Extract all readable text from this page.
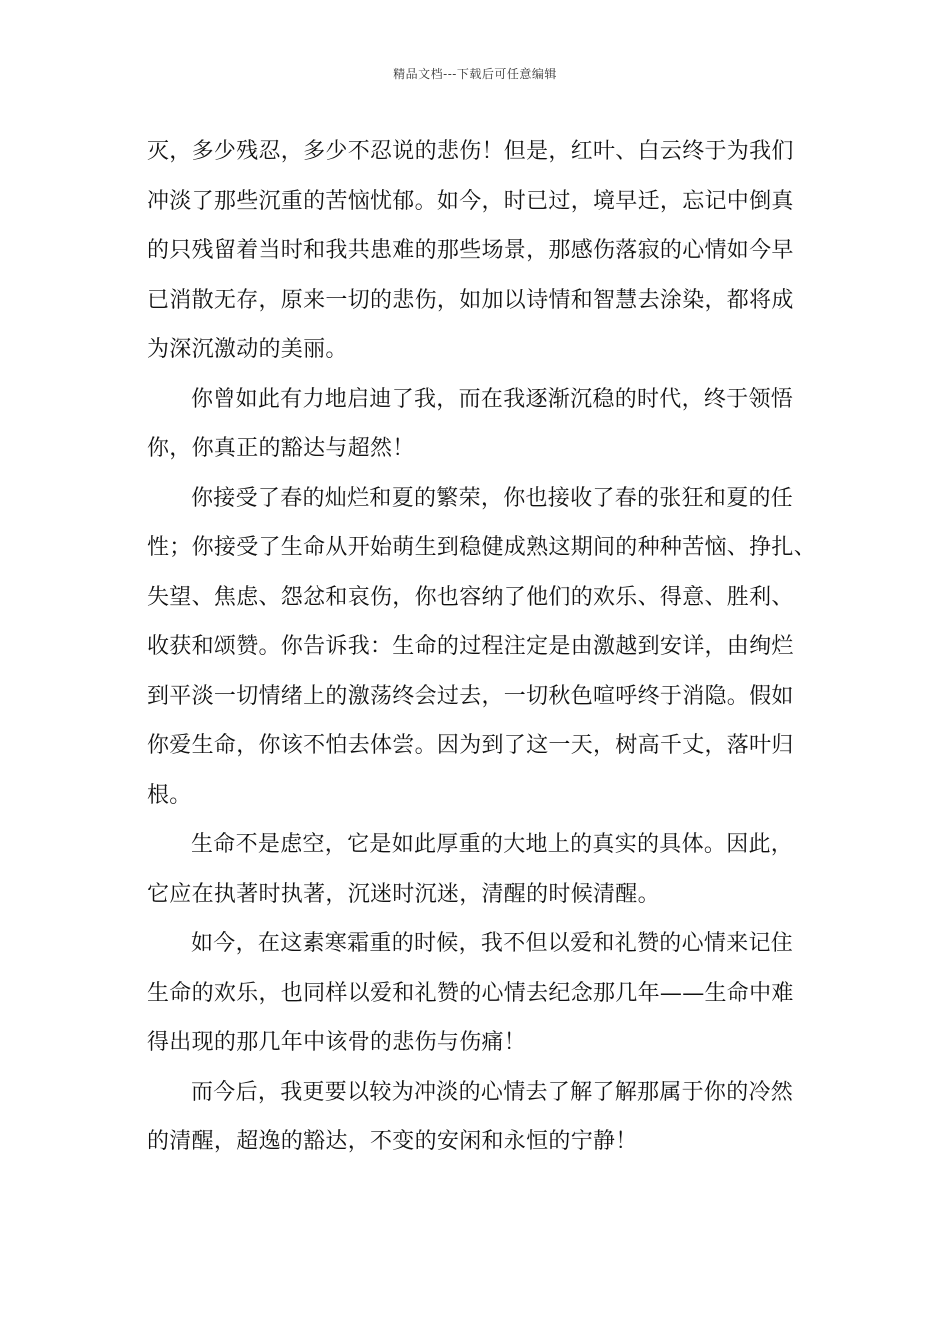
精品文档---下载后可任意编辑
灭，多少残忍，多少不忍说的悲伤！但是，红叶、白云终于为我们
冲淡了那些沉重的苦恼忧郁。如今，时已过，境早迁，忘记中倒真
的只残留着当时和我共患难的那些场景，那感伤落寂的心情如今早
已消散无存，原来一切的悲伤，如加以诗情和智慧去涂染，都将成
为深沉激动的美丽。
你曾如此有力地启迪了我，而在我逐渐沉稳的时代，终于领悟
你，你真正的豁达与超然！
你接受了春的灿烂和夏的繁荣，你也接收了春的张狂和夏的任
性；你接受了生命从开始萌生到稳健成熟这期间的种种苦恼、挣扎、
失望、焦虑、怨忿和哀伤，你也容纳了他们的欢乐、得意、胜利、
收获和颂赞。你告诉我：生命的过程注定是由激越到安详，由绚烂
到平淡一切情绪上的激荡终会过去，一切秋色喧呼终于消隐。假如
你爱生命，你该不怕去体尝。因为到了这一天，树高千丈，落叶归
根。
生命不是虑空，它是如此厚重的大地上的真实的具体。因此，
它应在执著时执著，沉迷时沉迷，清醒的时候清醒。
如今，在这素寒霜重的时候，我不但以爱和礼赞的心情来记住
生命的欢乐，也同样以爱和礼赞的心情去纪念那几年——生命中难
得出现的那几年中该骨的悲伤与伤痛！
而今后，我更要以较为冲淡的心情去了解了解那属于你的冷然
的清醒，超逸的豁达，不变的安闲和永恒的宁静！
